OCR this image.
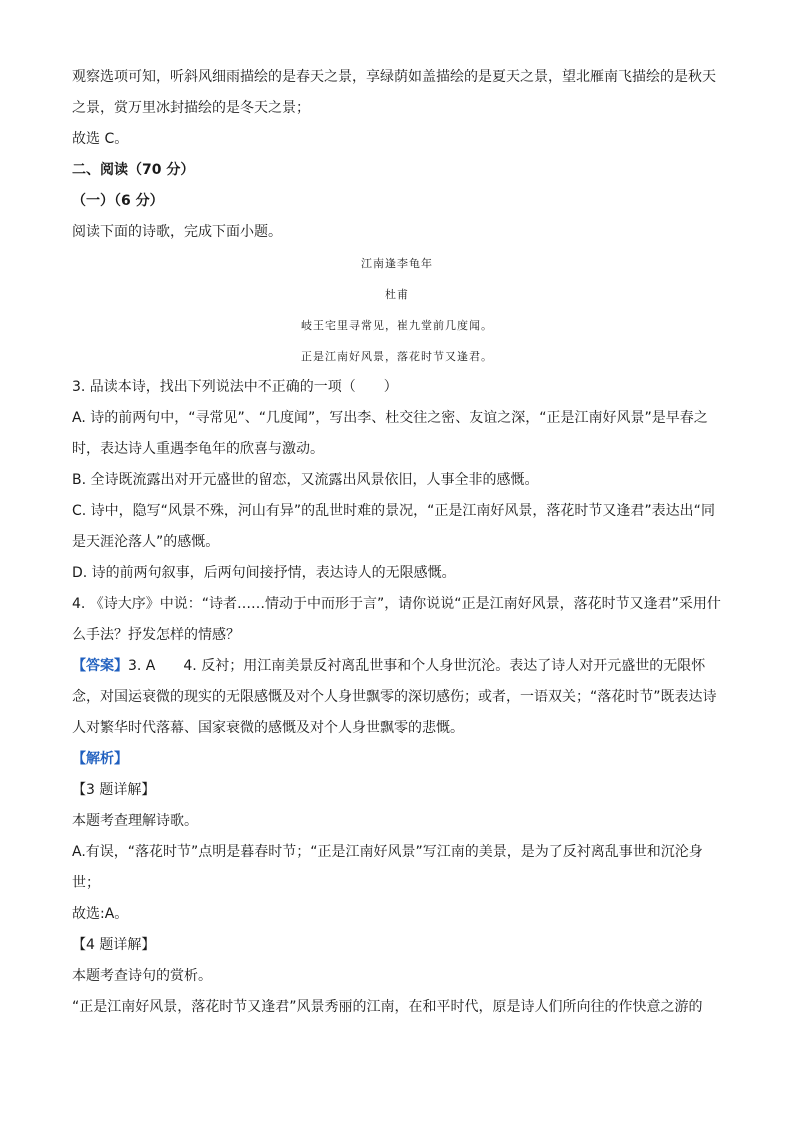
观察选项可知，听斜风细雨描绘的是春天之景，享绿荫如盖描绘的是夏天之景，望北雁南飞描绘的是秋天之景，赏万里冰封描绘的是冬天之景；

故选 C。

二、阅读（70 分）

（一）（6 分）

阅读下面的诗歌，完成下面小题。

江南逢李龟年

杜甫

岐王宅里寻常见，崔九堂前几度闻。

正是江南好风景，落花时节又逢君。

3. 品读本诗，找出下列说法中不正确的一项（　　）

A. 诗的前两句中，“寻常见”、“几度闻”，写出李、杜交往之密、友谊之深，“正是江南好风景”是早春之时，表达诗人重遇李龟年的欣喜与激动。

B. 全诗既流露出对开元盛世的留恋，又流露出风景依旧，人事全非的感慨。

C. 诗中，隐写“风景不殊，河山有异”的乱世时难的景况，“正是江南好风景，落花时节又逢君”表达出“同是天涯沦落人”的感慨。

D. 诗的前两句叙事，后两句间接抒情，表达诗人的无限感慨。

4. 《诗大序》中说：“诗者……情动于中而形于言”，请你说说“正是江南好风景，落花时节又逢君”采用什么手法？抒发怎样的情感？

【答案】3. A　　4. 反衬；用江南美景反衬离乱世事和个人身世沉沦。表达了诗人对开元盛世的无限怀念，对国运衰微的现实的无限感慨及对个人身世飘零的深切感伤；或者，一语双关；“落花时节”既表达诗人对繁华时代落幕、国家衰微的感慨及对个人身世飘零的悲慨。

【解析】

【3 题详解】

本题考查理解诗歌。

A.有误，“落花时节”点明是暮春时节；“正是江南好风景”写江南的美景，是为了反衬离乱事世和沉沦身世；

故选:A。

【4 题详解】

本题考查诗句的赏析。

“正是江南好风景，落花时节又逢君”风景秀丽的江南，在和平时代，原是诗人们所向往的作快意之游的
